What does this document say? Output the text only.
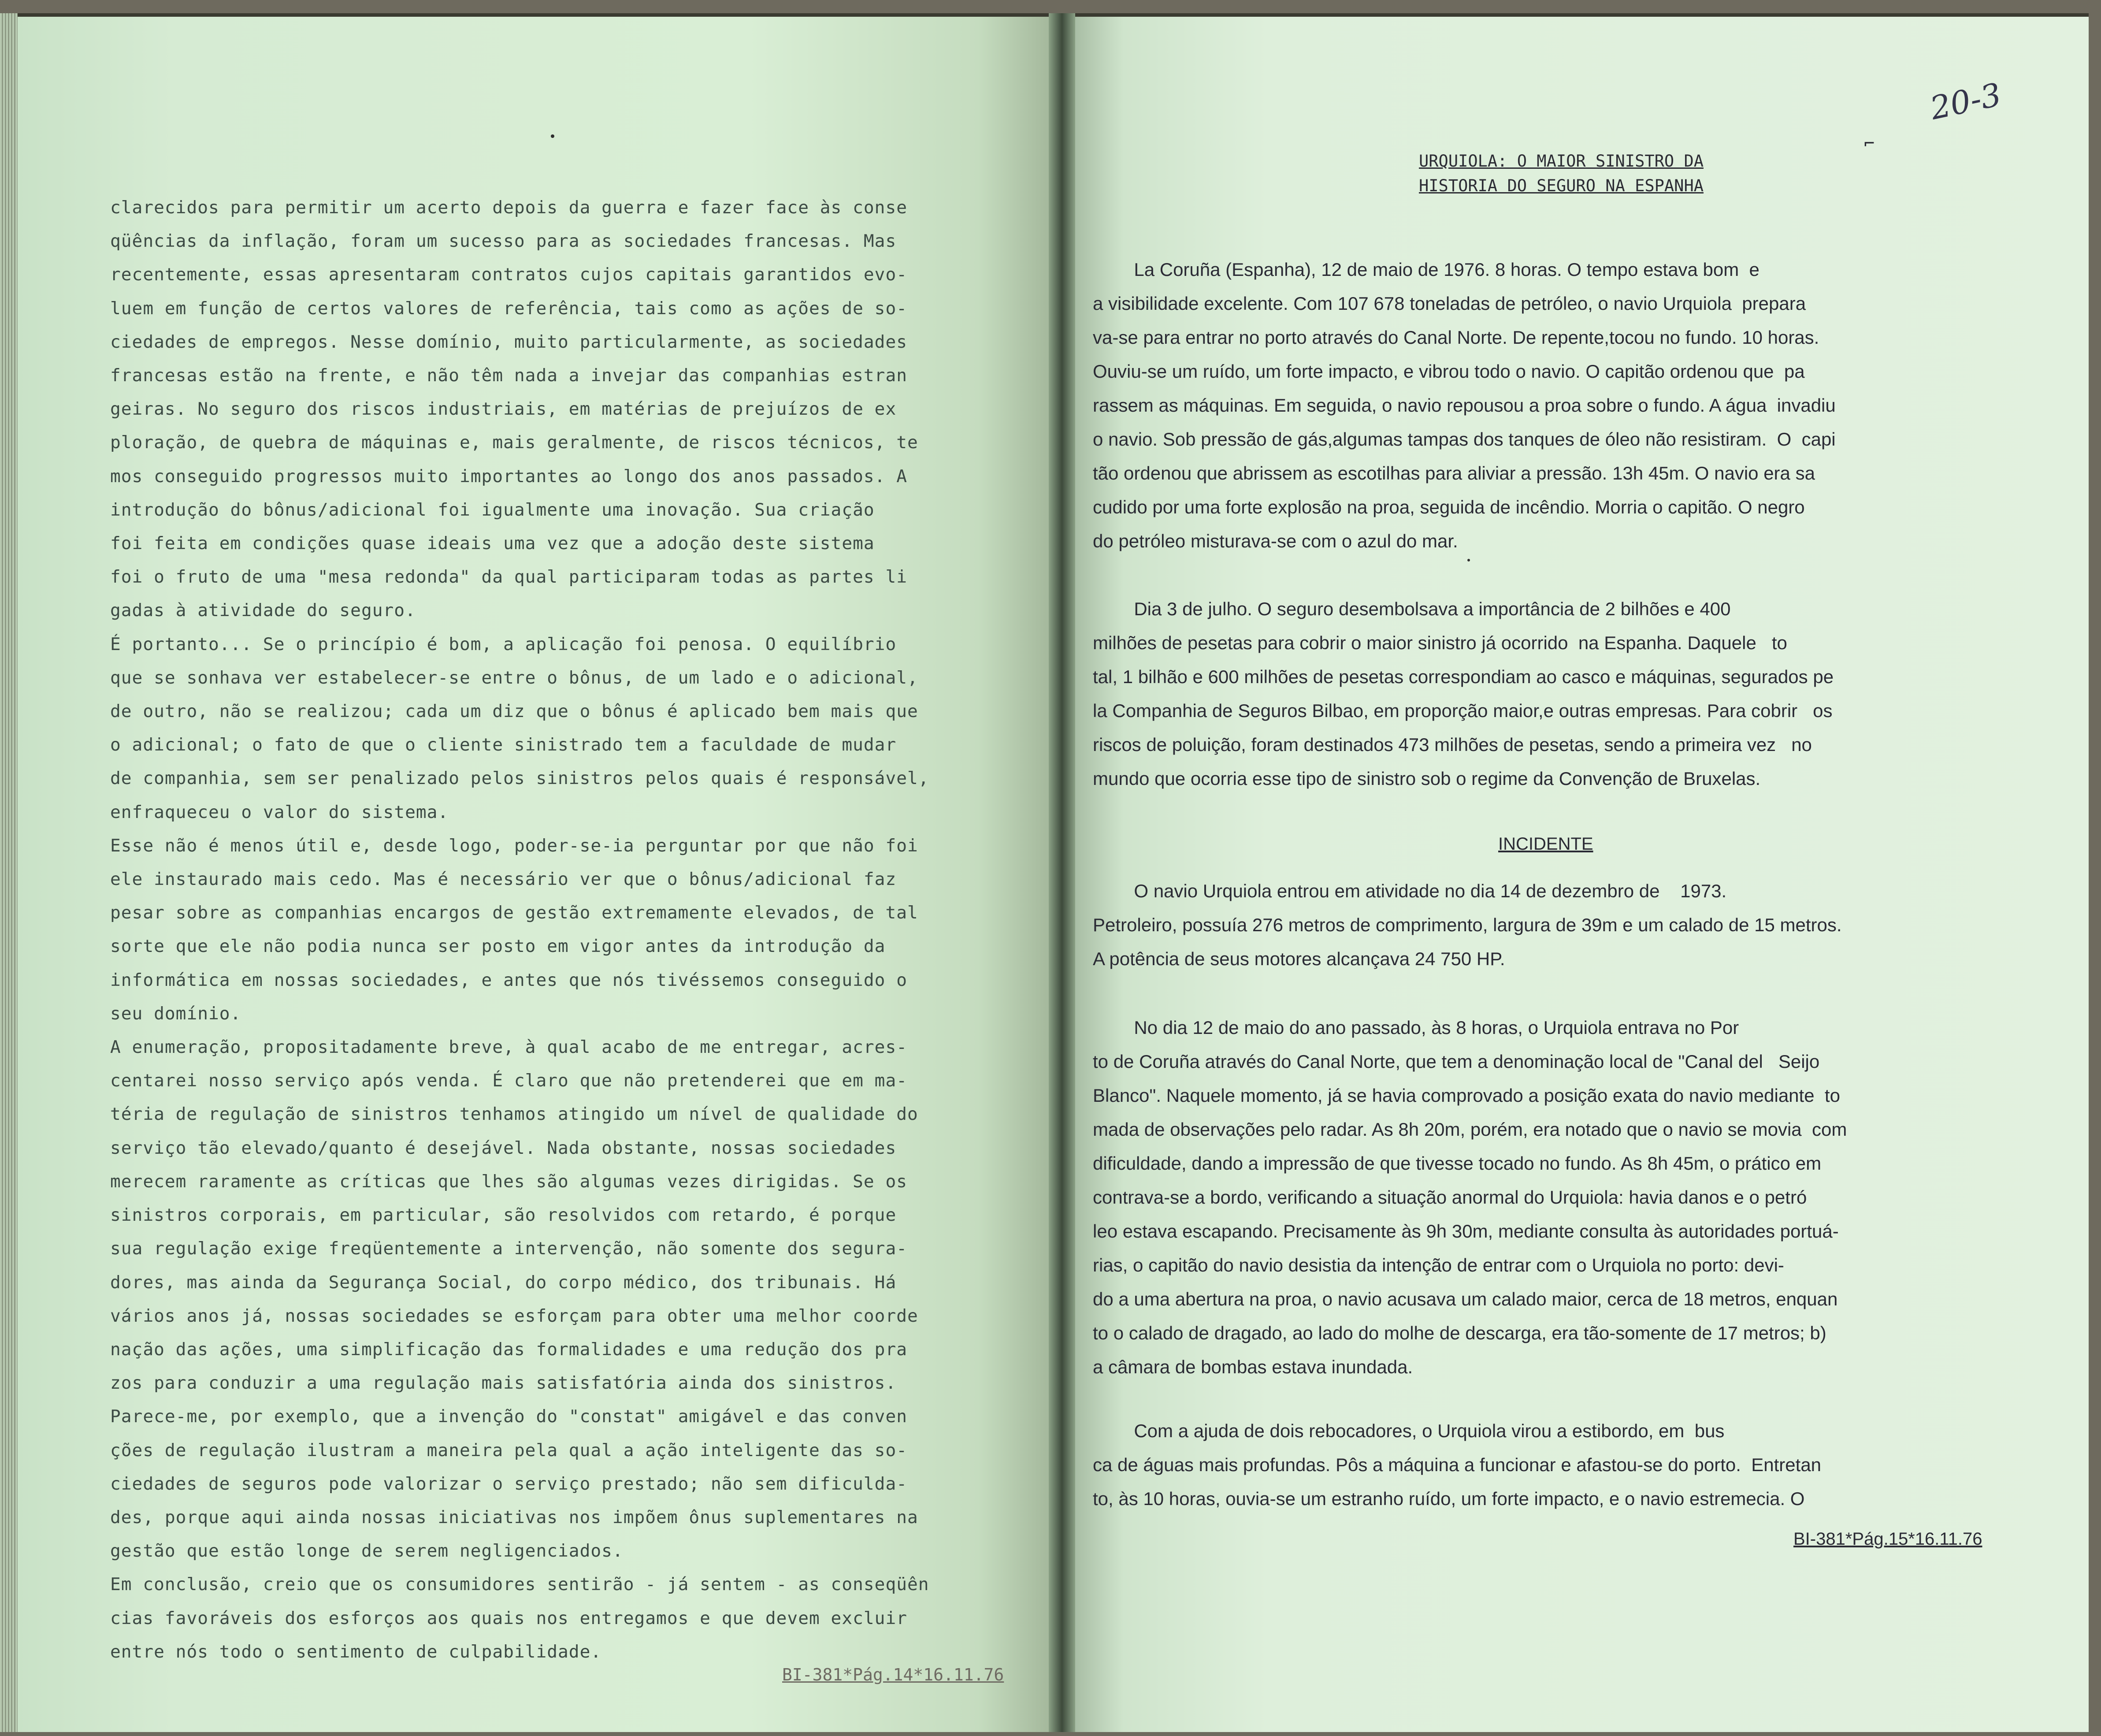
clarecidos para permitir um acerto depois da guerra e fazer face às conse
qüências da inflação, foram um sucesso para as sociedades francesas. Mas
recentemente, essas apresentaram contratos cujos capitais garantidos evo-
luem em função de certos valores de referência, tais como as ações de so-
ciedades de empregos. Nesse domínio, muito particularmente, as sociedades
francesas estão na frente, e não têm nada a invejar das companhias estran
geiras. No seguro dos riscos industriais, em matérias de prejuízos de ex
ploração, de quebra de máquinas e, mais geralmente, de riscos técnicos, te
mos conseguido progressos muito importantes ao longo dos anos passados. A
introdução do bônus/adicional foi igualmente uma inovação. Sua criação
foi feita em condições quase ideais uma vez que a adoção deste sistema
foi o fruto de uma "mesa redonda" da qual participaram todas as partes li
gadas à atividade do seguro.
É portanto... Se o princípio é bom, a aplicação foi penosa. O equilíbrio
que se sonhava ver estabelecer-se entre o bônus, de um lado e o adicional,
de outro, não se realizou; cada um diz que o bônus é aplicado bem mais que
o adicional; o fato de que o cliente sinistrado tem a faculdade de mudar
de companhia, sem ser penalizado pelos sinistros pelos quais é responsável,
enfraqueceu o valor do sistema.
Esse não é menos útil e, desde logo, poder-se-ia perguntar por que não foi
ele instaurado mais cedo. Mas é necessário ver que o bônus/adicional faz
pesar sobre as companhias encargos de gestão extremamente elevados, de tal
sorte que ele não podia nunca ser posto em vigor antes da introdução da
informática em nossas sociedades, e antes que nós tivéssemos conseguido o
seu domínio.
A enumeração, propositadamente breve, à qual acabo de me entregar, acres-
centarei nosso serviço após venda. É claro que não pretenderei que em ma-
téria de regulação de sinistros tenhamos atingido um nível de qualidade do
serviço tão elevado/quanto é desejável. Nada obstante, nossas sociedades
merecem raramente as críticas que lhes são algumas vezes dirigidas. Se os
sinistros corporais, em particular, são resolvidos com retardo, é porque
sua regulação exige freqüentemente a intervenção, não somente dos segura-
dores, mas ainda da Segurança Social, do corpo médico, dos tribunais. Há
vários anos já, nossas sociedades se esforçam para obter uma melhor coorde
nação das ações, uma simplificação das formalidades e uma redução dos pra
zos para conduzir a uma regulação mais satisfatória ainda dos sinistros.
Parece-me, por exemplo, que a invenção do "constat" amigável e das conven
ções de regulação ilustram a maneira pela qual a ação inteligente das so-
ciedades de seguros pode valorizar o serviço prestado; não sem dificulda-
des, porque aqui ainda nossas iniciativas nos impõem ônus suplementares na
gestão que estão longe de serem negligenciados.
Em conclusão, creio que os consumidores sentirão - já sentem - as conseqüên
cias favoráveis dos esforços aos quais nos entregamos e que devem excluir
entre nós todo o sentimento de culpabilidade.
BI-381*Pág.14*16.11.76
20-3
⌐
URQUIOLA: O MAIOR SINISTRO DA
HISTORIA DO SEGURO NA ESPANHA
La Coruña (Espanha), 12 de maio de 1976. 8 horas. O tempo estava bom  e
a visibilidade excelente. Com 107 678 toneladas de petróleo, o navio Urquiola  prepara
va-se para entrar no porto através do Canal Norte. De repente,tocou no fundo. 10 horas.
Ouviu-se um ruído, um forte impacto, e vibrou todo o navio. O capitão ordenou que  pa
rassem as máquinas. Em seguida, o navio repousou a proa sobre o fundo. A água  invadiu
o navio. Sob pressão de gás,algumas tampas dos tanques de óleo não resistiram.  O  capi
tão ordenou que abrissem as escotilhas para aliviar a pressão. 13h 45m. O navio era sa
cudido por uma forte explosão na proa, seguida de incêndio. Morria o capitão. O negro
do petróleo misturava-se com o azul do mar.
Dia 3 de julho. O seguro desembolsava a importância de 2 bilhões e 400
milhões de pesetas para cobrir o maior sinistro já ocorrido  na Espanha. Daquele   to
tal, 1 bilhão e 600 milhões de pesetas correspondiam ao casco e máquinas, segurados pe
la Companhia de Seguros Bilbao, em proporção maior,e outras empresas. Para cobrir   os
riscos de poluição, foram destinados 473 milhões de pesetas, sendo a primeira vez   no
mundo que ocorria esse tipo de sinistro sob o regime da Convenção de Bruxelas.
INCIDENTE
O navio Urquiola entrou em atividade no dia 14 de dezembro de    1973.
Petroleiro, possuía 276 metros de comprimento, largura de 39m e um calado de 15 metros.
A potência de seus motores alcançava 24 750 HP.
No dia 12 de maio do ano passado, às 8 horas, o Urquiola entrava no Por
to de Coruña através do Canal Norte, que tem a denominação local de "Canal del   Seijo
Blanco". Naquele momento, já se havia comprovado a posição exata do navio mediante  to
mada de observações pelo radar. As 8h 20m, porém, era notado que o navio se movia  com
dificuldade, dando a impressão de que tivesse tocado no fundo. As 8h 45m, o prático em
contrava-se a bordo, verificando a situação anormal do Urquiola: havia danos e o petró
leo estava escapando. Precisamente às 9h 30m, mediante consulta às autoridades portuá-
rias, o capitão do navio desistia da intenção de entrar com o Urquiola no porto: devi-
do a uma abertura na proa, o navio acusava um calado maior, cerca de 18 metros, enquan
to o calado de dragado, ao lado do molhe de descarga, era tão-somente de 17 metros; b)
a câmara de bombas estava inundada.
Com a ajuda de dois rebocadores, o Urquiola virou a estibordo, em  bus
ca de águas mais profundas. Pôs a máquina a funcionar e afastou-se do porto.  Entretan
to, às 10 horas, ouvia-se um estranho ruído, um forte impacto, e o navio estremecia. O
BI-381*Pág.15*16.11.76
